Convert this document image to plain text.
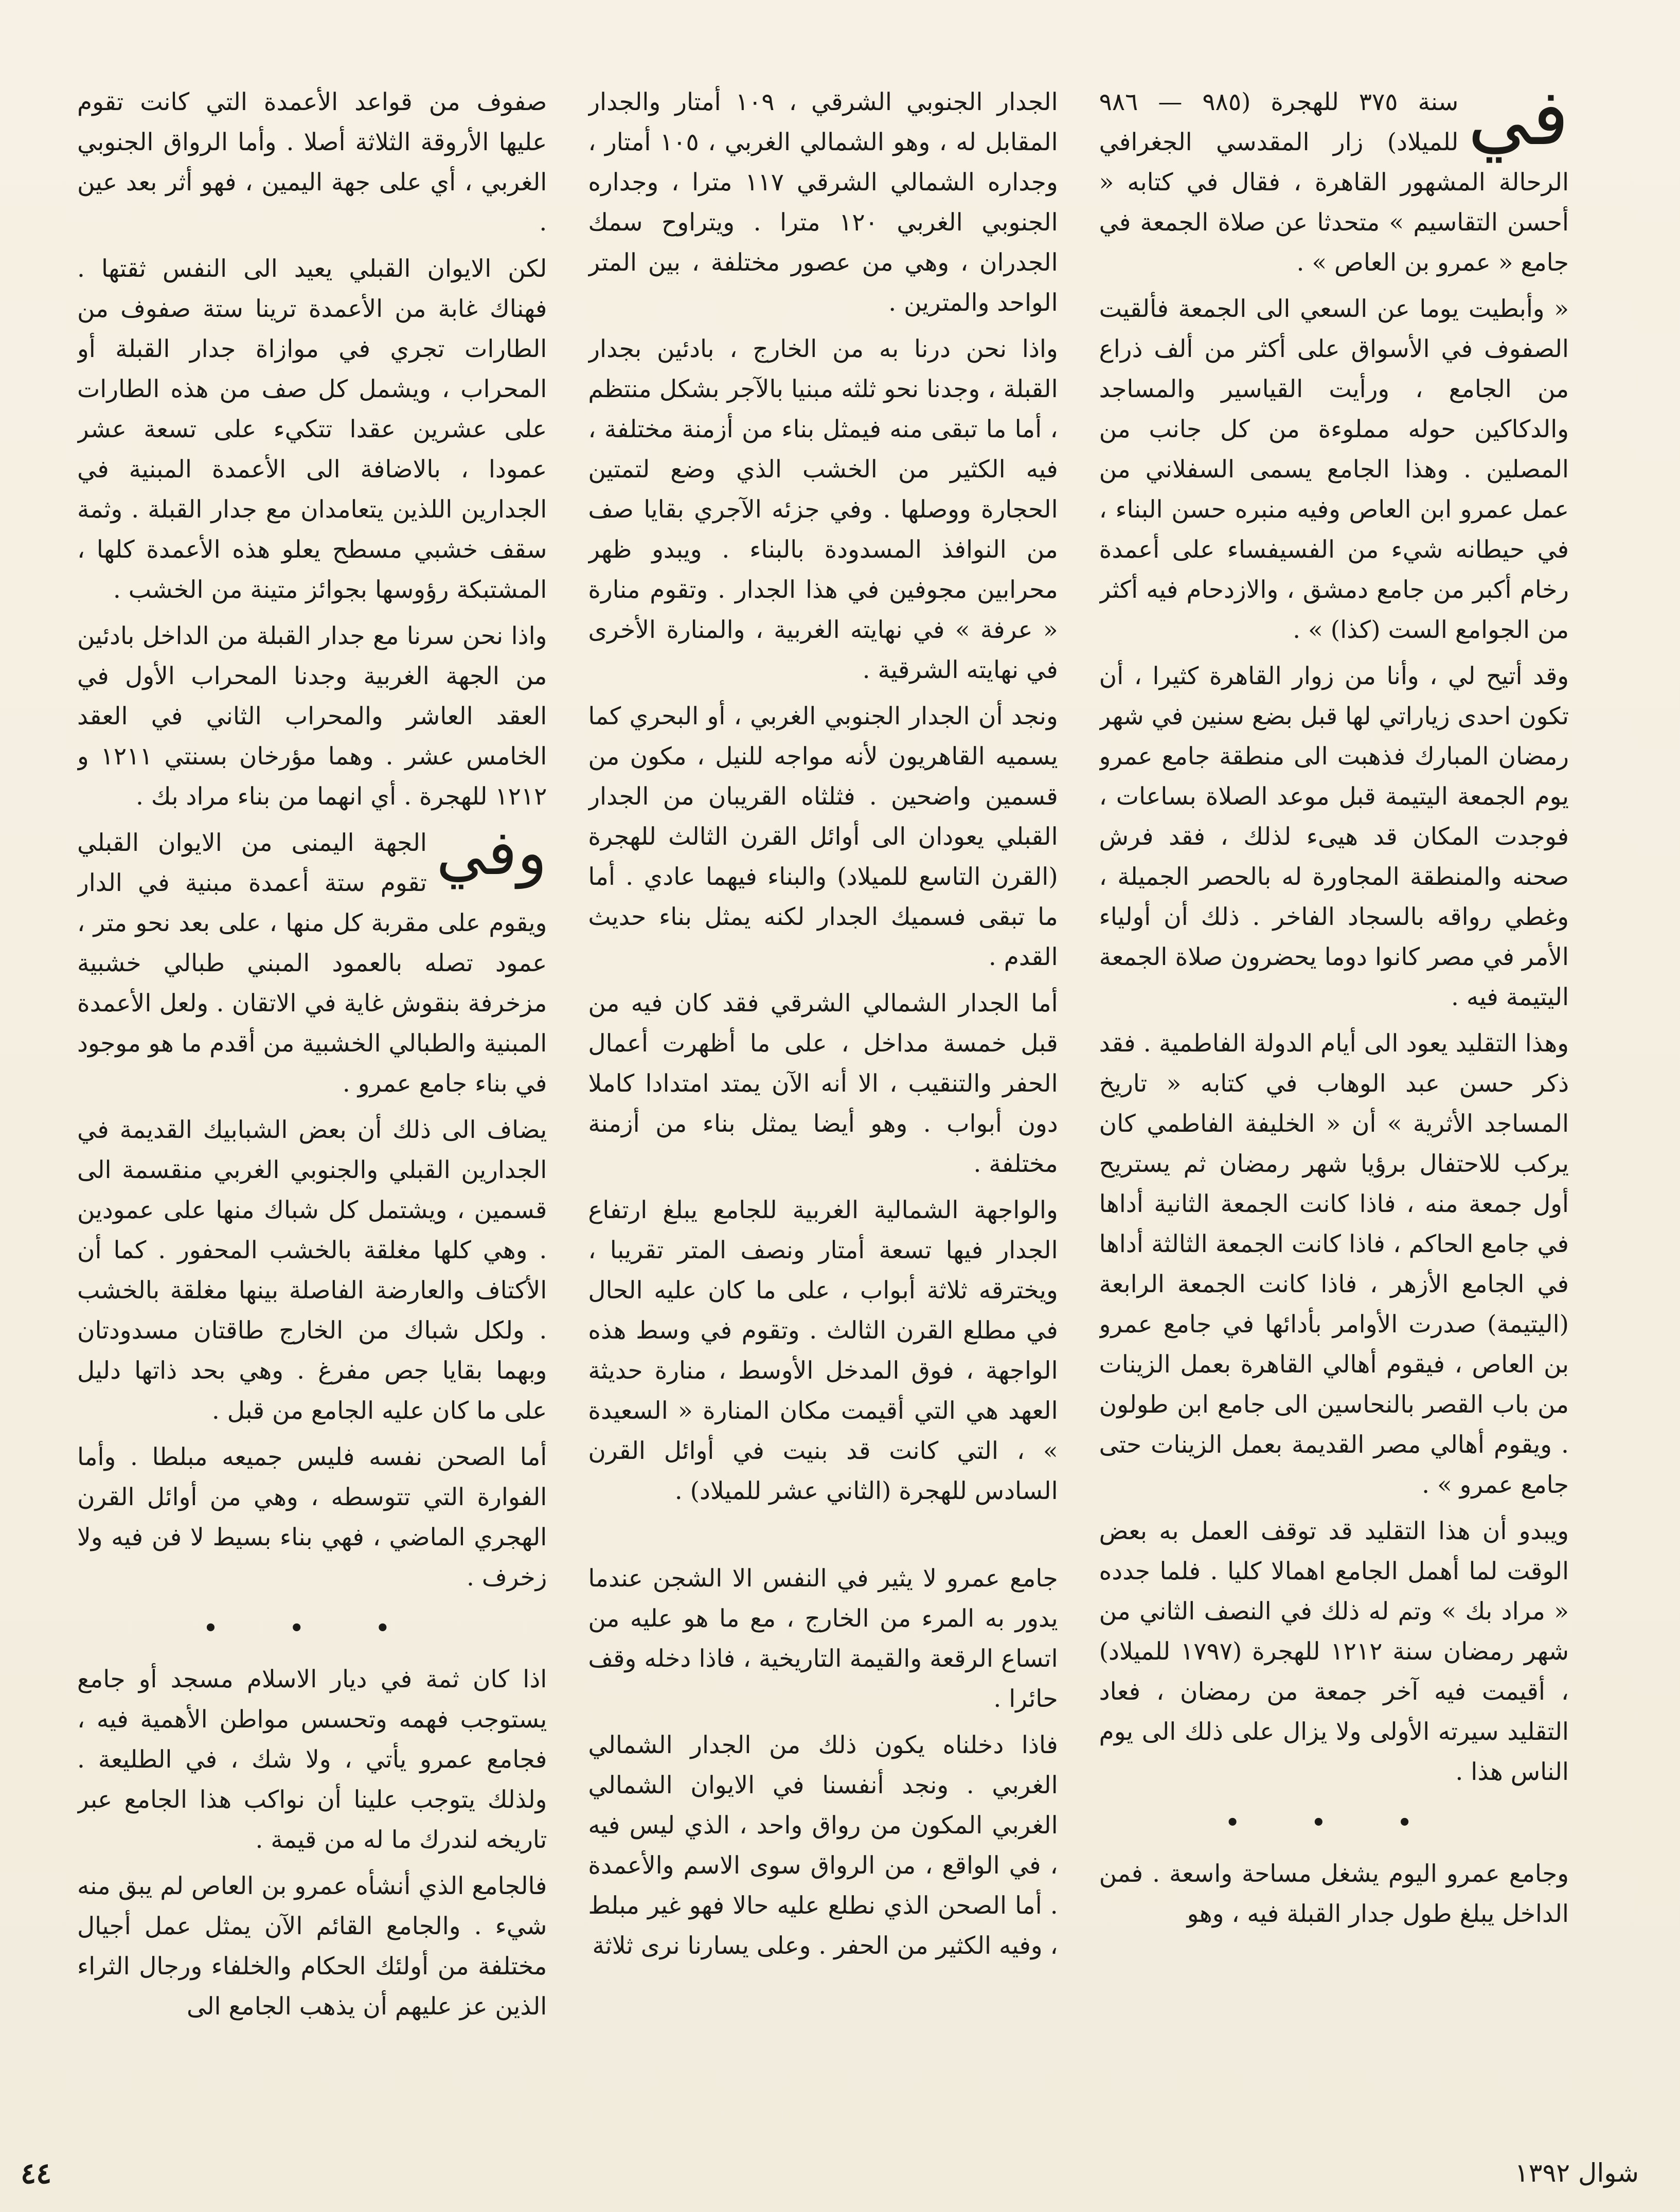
في

سنة ٣٧٥ للهجرة (٩٨٥ — ٩٨٦ للميلاد) زار المقدسي الجغرافي الرحالة المشهور القاهرة ، فقال في كتابه « أحسن التقاسيم » متحدثا عن صلاة الجمعة في جامع « عمرو بن العاص » .

« وأبطيت يوما عن السعي الى الجمعة فألقيت الصفوف في الأسواق على أكثر من ألف ذراع من الجامع ، ورأيت القياسير والمساجد والدكاكين حوله مملوءة من كل جانب من المصلين . وهذا الجامع يسمى السفلاني من عمل عمرو ابن العاص وفيه منبره حسن البناء ، في حيطانه شيء من الفسيفساء على أعمدة رخام أكبر من جامع دمشق ، والازدحام فيه أكثر من الجوامع الست (كذا) » .

وقد أتيح لي ، وأنا من زوار القاهرة كثيرا ، أن تكون احدى زياراتي لها قبل بضع سنين في شهر رمضان المبارك فذهبت الى منطقة جامع عمرو يوم الجمعة اليتيمة قبل موعد الصلاة بساعات ، فوجدت المكان قد هيىء لذلك ، فقد فرش صحنه والمنطقة المجاورة له بالحصر الجميلة ، وغطي رواقه بالسجاد الفاخر . ذلك أن أولياء الأمر في مصر كانوا دوما يحضرون صلاة الجمعة اليتيمة فيه .

وهذا التقليد يعود الى أيام الدولة الفاطمية . فقد ذكر حسن عبد الوهاب في كتابه « تاريخ المساجد الأثرية » أن « الخليفة الفاطمي كان يركب للاحتفال برؤيا شهر رمضان ثم يستريح أول جمعة منه ، فاذا كانت الجمعة الثانية أداها في جامع الحاكم ، فاذا كانت الجمعة الثالثة أداها في الجامع الأزهر ، فاذا كانت الجمعة الرابعة (اليتيمة) صدرت الأوامر بأدائها في جامع عمرو بن العاص ، فيقوم أهالي القاهرة بعمل الزينات من باب القصر بالنحاسين الى جامع ابن طولون . ويقوم أهالي مصر القديمة بعمل الزينات حتى جامع عمرو » .

ويبدو أن هذا التقليد قد توقف العمل به بعض الوقت لما أهمل الجامع اهمالا كليا . فلما جدده « مراد بك » وتم له ذلك في النصف الثاني من شهر رمضان سنة ١٢١٢ للهجرة (١٧٩٧ للميلاد) ، أقيمت فيه آخر جمعة من رمضان ، فعاد التقليد سيرته الأولى ولا يزال على ذلك الى يوم الناس هذا .

• • •

وجامع عمرو اليوم يشغل مساحة واسعة . فمن الداخل يبلغ طول جدار القبلة فيه ، وهو

الجدار الجنوبي الشرقي ، ١٠٩ أمتار والجدار المقابل له ، وهو الشمالي الغربي ، ١٠٥ أمتار ، وجداره الشمالي الشرقي ١١٧ مترا ، وجداره الجنوبي الغربي ١٢٠ مترا . ويتراوح سمك الجدران ، وهي من عصور مختلفة ، بين المتر الواحد والمترين .

واذا نحن درنا به من الخارج ، بادئين بجدار القبلة ، وجدنا نحو ثلثه مبنيا بالآجر بشكل منتظم ، أما ما تبقى منه فيمثل بناء من أزمنة مختلفة ، فيه الكثير من الخشب الذي وضع لتمتين الحجارة ووصلها . وفي جزئه الآجري بقايا صف من النوافذ المسدودة بالبناء . ويبدو ظهر محرابين مجوفين في هذا الجدار . وتقوم منارة « عرفة » في نهايته الغربية ، والمنارة الأخرى في نهايته الشرقية .

ونجد أن الجدار الجنوبي الغربي ، أو البحري كما يسميه القاهريون لأنه مواجه للنيل ، مكون من قسمين واضحين . فثلثاه القريبان من الجدار القبلي يعودان الى أوائل القرن الثالث للهجرة (القرن التاسع للميلاد) والبناء فيهما عادي . أما ما تبقى فسميك الجدار لكنه يمثل بناء حديث القدم .

أما الجدار الشمالي الشرقي فقد كان فيه من قبل خمسة مداخل ، على ما أظهرت أعمال الحفر والتنقيب ، الا أنه الآن يمتد امتدادا كاملا دون أبواب . وهو أيضا يمثل بناء من أزمنة مختلفة .

والواجهة الشمالية الغربية للجامع يبلغ ارتفاع الجدار فيها تسعة أمتار ونصف المتر تقريبا ، ويخترقه ثلاثة أبواب ، على ما كان عليه الحال في مطلع القرن الثالث . وتقوم في وسط هذه الواجهة ، فوق المدخل الأوسط ، منارة حديثة العهد هي التي أقيمت مكان المنارة « السعيدة » ، التي كانت قد بنيت في أوائل القرن السادس للهجرة (الثاني عشر للميلاد) .

جامع عمرو لا يثير في النفس الا الشجن عندما يدور به المرء من الخارج ، مع ما هو عليه من اتساع الرقعة والقيمة التاريخية ، فاذا دخله وقف حائرا .

فاذا دخلناه يكون ذلك من الجدار الشمالي الغربي . ونجد أنفسنا في الايوان الشمالي الغربي المكون من رواق واحد ، الذي ليس فيه ، في الواقع ، من الرواق سوى الاسم والأعمدة . أما الصحن الذي نطلع عليه حالا فهو غير مبلط ، وفيه الكثير من الحفر . وعلى يسارنا نرى ثلاثة

صفوف من قواعد الأعمدة التي كانت تقوم عليها الأروقة الثلاثة أصلا . وأما الرواق الجنوبي الغربي ، أي على جهة اليمين ، فهو أثر بعد عين .

لكن الايوان القبلي يعيد الى النفس ثقتها . فهناك غابة من الأعمدة ترينا ستة صفوف من الطارات تجري في موازاة جدار القبلة أو المحراب ، ويشمل كل صف من هذه الطارات على عشرين عقدا تتكيء على تسعة عشر عمودا ، بالاضافة الى الأعمدة المبنية في الجدارين اللذين يتعامدان مع جدار القبلة . وثمة سقف خشبي مسطح يعلو هذه الأعمدة كلها ، المشتبكة رؤوسها بجوائز متينة من الخشب .

واذا نحن سرنا مع جدار القبلة من الداخل بادئين من الجهة الغربية وجدنا المحراب الأول في العقد العاشر والمحراب الثاني في العقد الخامس عشر . وهما مؤرخان بسنتي ١٢١١ و ١٢١٢ للهجرة . أي انهما من بناء مراد بك .

وفي

الجهة اليمنى من الايوان القبلي تقوم ستة أعمدة مبنية في الدار ويقوم على مقربة كل منها ، على بعد نحو متر ، عمود تصله بالعمود المبني طبالي خشبية مزخرفة بنقوش غاية في الاتقان . ولعل الأعمدة المبنية والطبالي الخشبية من أقدم ما هو موجود في بناء جامع عمرو .

يضاف الى ذلك أن بعض الشبابيك القديمة في الجدارين القبلي والجنوبي الغربي منقسمة الى قسمين ، ويشتمل كل شباك منها على عمودين . وهي كلها مغلقة بالخشب المحفور . كما أن الأكتاف والعارضة الفاصلة بينها مغلقة بالخشب . ولكل شباك من الخارج طاقتان مسدودتان وبهما بقايا جص مفرغ . وهي بحد ذاتها دليل على ما كان عليه الجامع من قبل .

أما الصحن نفسه فليس جميعه مبلطا . وأما الفوارة التي تتوسطه ، وهي من أوائل القرن الهجري الماضي ، فهي بناء بسيط لا فن فيه ولا زخرف .

• • •

اذا كان ثمة في ديار الاسلام مسجد أو جامع يستوجب فهمه وتحسس مواطن الأهمية فيه ، فجامع عمرو يأتي ، ولا شك ، في الطليعة . ولذلك يتوجب علينا أن نواكب هذا الجامع عبر تاريخه لندرك ما له من قيمة .

فالجامع الذي أنشأه عمرو بن العاص لم يبق منه شيء . والجامع القائم الآن يمثل عمل أجيال مختلفة من أولئك الحكام والخلفاء ورجال الثراء الذين عز عليهم أن يذهب الجامع الى

شوال ١٣٩٢
٤٤
